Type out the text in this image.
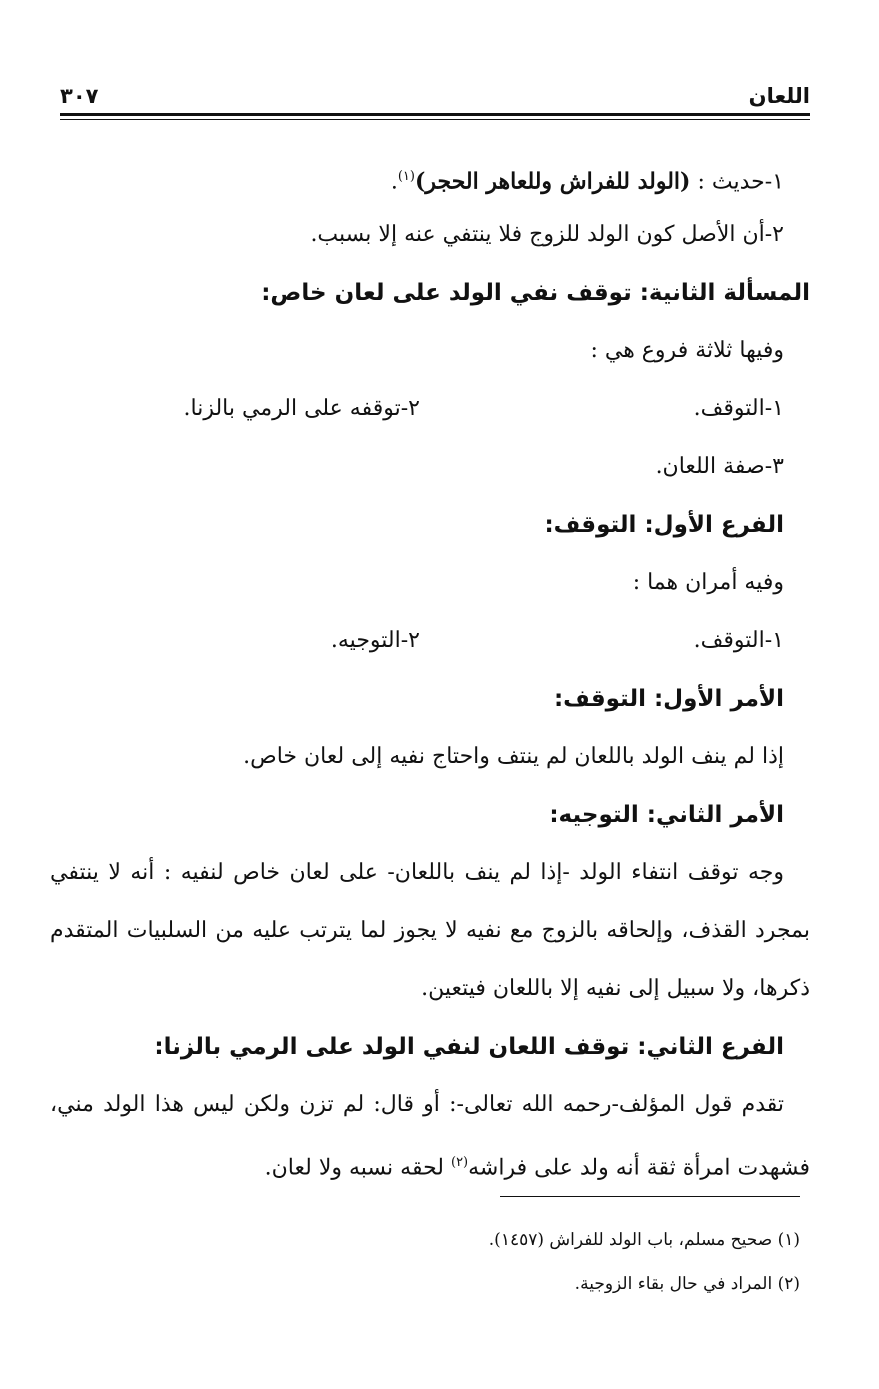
اللعان
٣٠٧
١-حديث : (الولد للفراش وللعاهر الحجر)$^{(١)}$.
٢-أن الأصل كون الولد للزوج فلا ينتفي عنه إلا بسبب.
المسألة الثانية: توقف نفي الولد على لعان خاص:
وفيها ثلاثة فروع هي :
١-التوقف.
٢-توقفه على الرمي بالزنا.
٣-صفة اللعان.
الفرع الأول: التوقف:
وفيه أمران هما :
١-التوقف.
٢-التوجيه.
الأمر الأول: التوقف:
إذا لم ينف الولد باللعان لم ينتف واحتاج نفيه إلى لعان خاص.
الأمر الثاني: التوجيه:
وجه توقف انتفاء الولد -إذا لم ينف باللعان- على لعان خاص لنفيه : أنه لا ينتفي بمجرد القذف، وإلحاقه بالزوج مع نفيه لا يجوز لما يترتب عليه من السلبيات المتقدم ذكرها، ولا سبيل إلى نفيه إلا باللعان فيتعين.
الفرع الثاني: توقف اللعان لنفي الولد على الرمي بالزنا:
تقدم قول المؤلف-رحمه الله تعالى-: أو قال: لم تزن ولكن ليس هذا الولد مني، فشهدت امرأة ثقة أنه ولد على فراشه$^{(٢)}$ لحقه نسبه ولا لعان.
(١) صحيح مسلم، باب الولد للفراش (١٤٥٧).
(٢) المراد في حال بقاء الزوجية.
